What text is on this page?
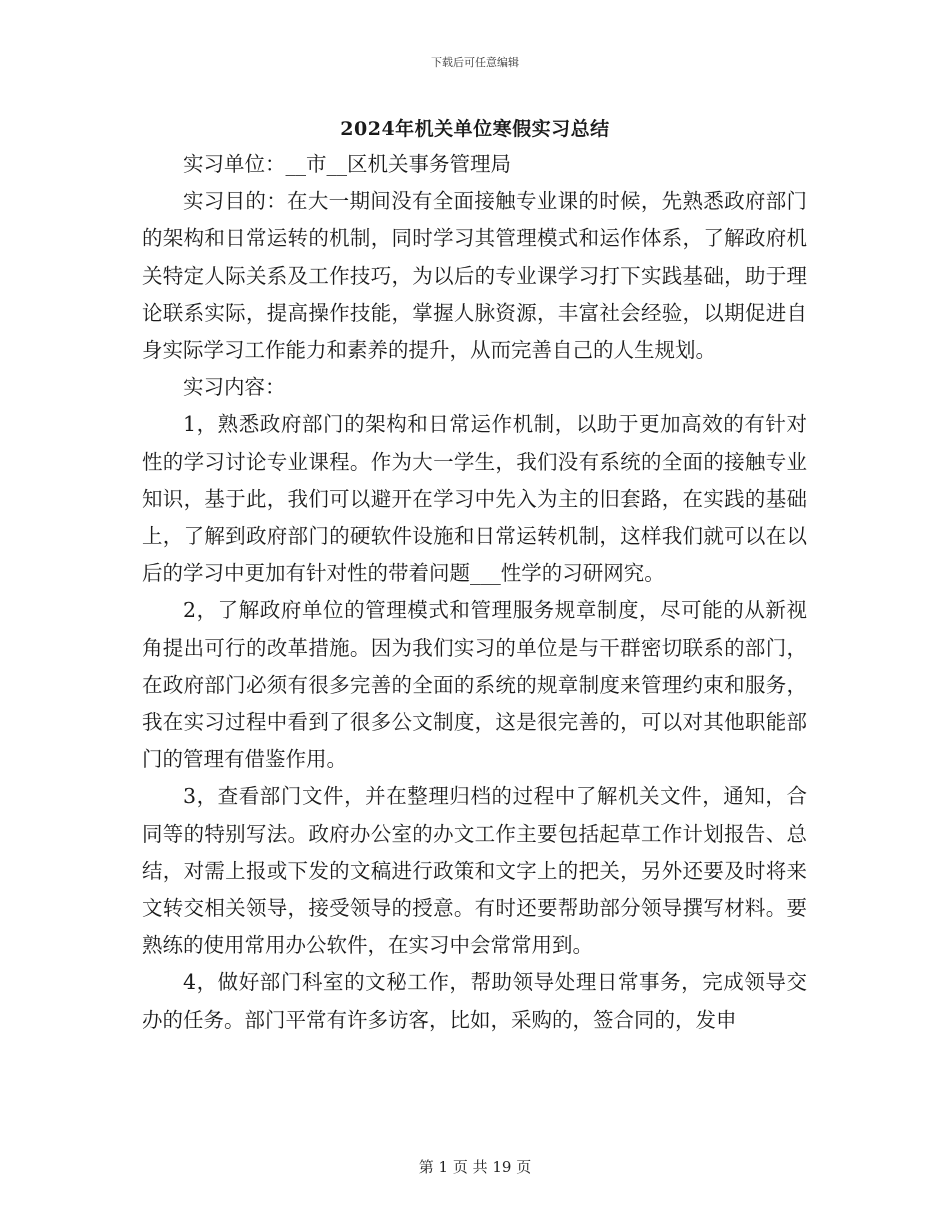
下载后可任意编辑
2024年机关单位寒假实习总结

实习单位：__市__区机关事务管理局

实习目的：在大一期间没有全面接触专业课的时候，先熟悉政府部门的架构和日常运转的机制，同时学习其管理模式和运作体系，了解政府机关特定人际关系及工作技巧，为以后的专业课学习打下实践基础，助于理论联系实际，提高操作技能，掌握人脉资源，丰富社会经验，以期促进自身实际学习工作能力和素养的提升，从而完善自己的人生规划。

实习内容：

1，熟悉政府部门的架构和日常运作机制，以助于更加高效的有针对性的学习讨论专业课程。作为大一学生，我们没有系统的全面的接触专业知识，基于此，我们可以避开在学习中先入为主的旧套路，在实践的基础上，了解到政府部门的硬软件设施和日常运转机制，这样我们就可以在以后的学习中更加有针对性的带着问题___性学的习研网究。

2，了解政府单位的管理模式和管理服务规章制度，尽可能的从新视角提出可行的改革措施。因为我们实习的单位是与干群密切联系的部门，在政府部门必须有很多完善的全面的系统的规章制度来管理约束和服务，我在实习过程中看到了很多公文制度，这是很完善的，可以对其他职能部门的管理有借鉴作用。

3，查看部门文件，并在整理归档的过程中了解机关文件，通知，合同等的特别写法。政府办公室的办文工作主要包括起草工作计划报告、总结，对需上报或下发的文稿进行政策和文字上的把关，另外还要及时将来文转交相关领导，接受领导的授意。有时还要帮助部分领导撰写材料。要熟练的使用常用办公软件，在实习中会常常用到。

4，做好部门科室的文秘工作，帮助领导处理日常事务，完成领导交办的任务。部门平常有许多访客，比如，采购的，签合同的，发申

第 1 页 共 19 页
